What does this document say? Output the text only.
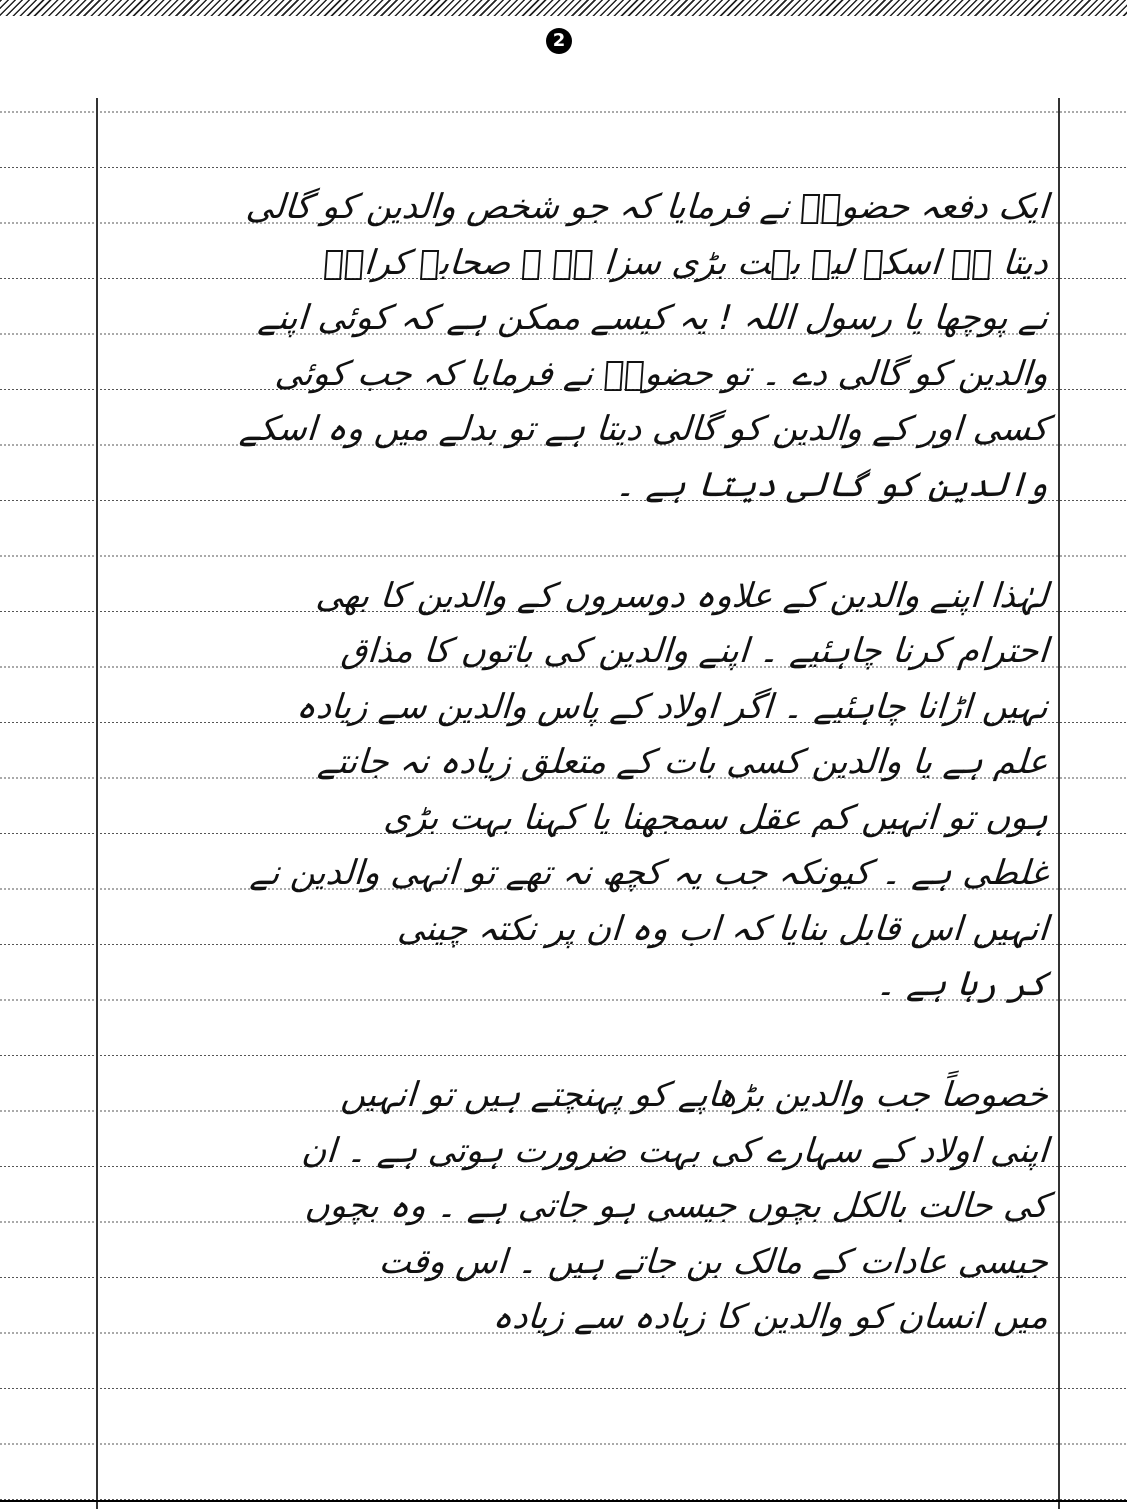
2
ایک دفعہ حضورؐ نے فرمایا کہ جو شخص والدین کو گالی
دیتا ہے اسکے لیے بہت بڑی سزا ہے ۔ صحابہ کرامؓ
نے پوچھا یا رسول اللہ ! یہ کیسے ممکن ہے کہ کوئی اپنے
والدین کو گالی دے ۔ تو حضورؐ نے فرمایا کہ جب کوئی
کسی اور کے والدین کو گالی دیتا ہے تو بدلے میں وہ اسکے
والدین کو گالی دیتا ہے ۔
لہٰذا اپنے والدین کے علاوہ دوسروں کے والدین کا بھی
احترام کرنا چاہئیے ۔ اپنے والدین کی باتوں کا مذاق
نہیں اڑانا چاہئیے ۔ اگر اولاد کے پاس والدین سے زیادہ
علم ہے یا والدین کسی بات کے متعلق زیادہ نہ جانتے
ہوں تو انہیں کم عقل سمجھنا یا کہنا بہت بڑی
غلطی ہے ۔ کیونکہ جب یہ کچھ نہ تھے تو انہی والدین نے
انہیں اس قابل بنایا کہ اب وہ ان پر نکتہ چینی
کر رہا ہے ۔
خصوصاً جب والدین بڑھاپے کو پہنچتے ہیں تو انہیں
اپنی اولاد کے سہارے کی بہت ضرورت ہوتی ہے ۔ ان
کی حالت بالکل بچوں جیسی ہو جاتی ہے ۔ وہ بچوں
جیسی عادات کے مالک بن جاتے ہیں ۔ اس وقت
میں انسان کو والدین کا زیادہ سے زیادہ
